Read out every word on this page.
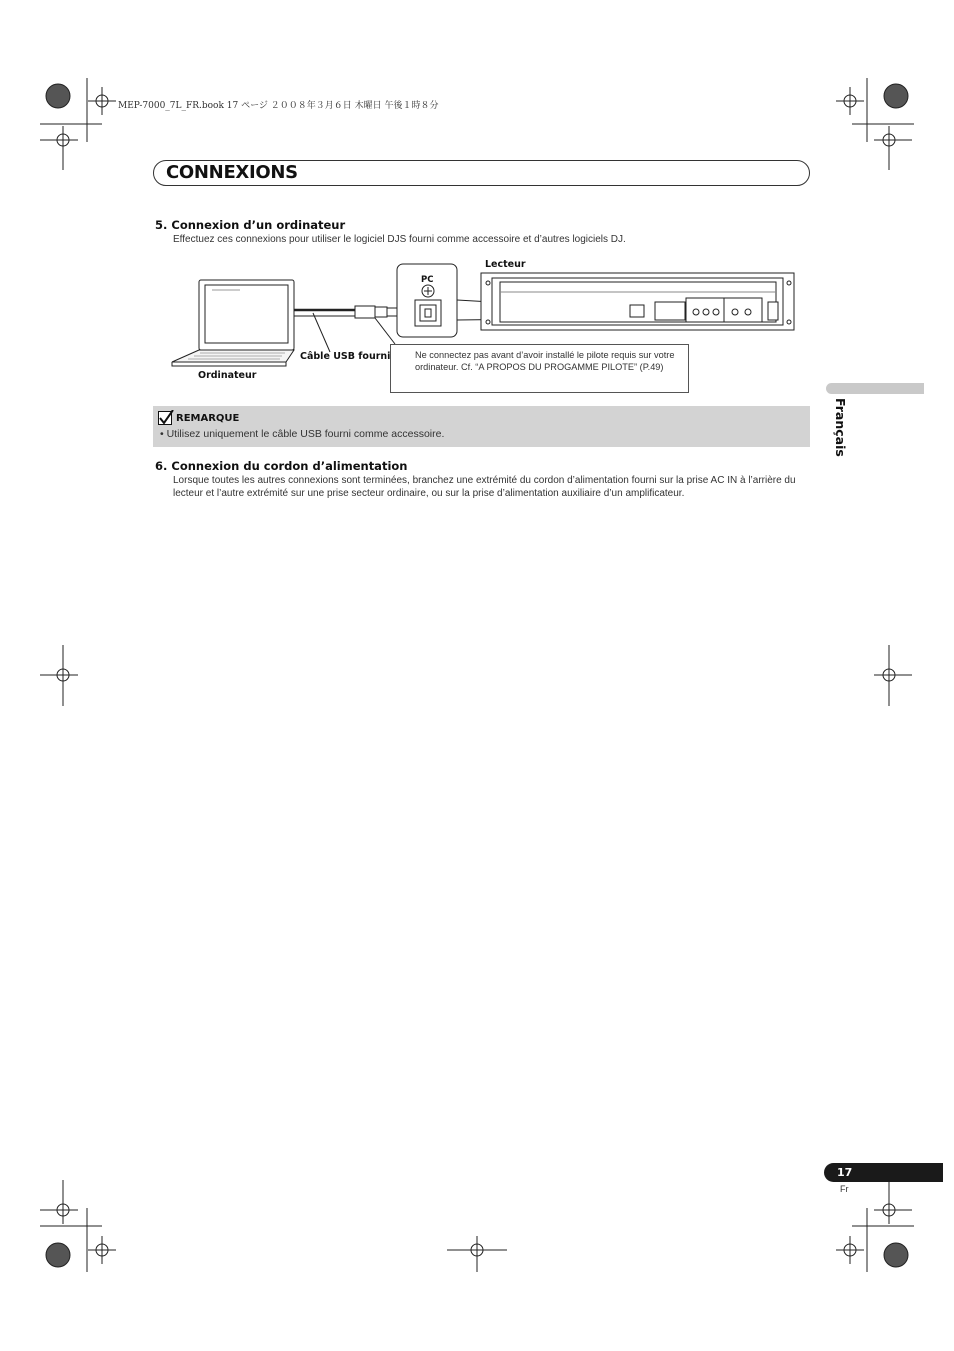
MEP-7000_7L_FR.book 17 ページ ２００８年３月６日 木曜日 午後１時８分
CONNEXIONS
5. Connexion d’un ordinateur
Effectuez ces connexions pour utiliser le logiciel DJS fourni comme accessoire et d’autres logiciels DJ.
Lecteur
PC
Câble USB fourni
Ordinateur
Ne connectez pas avant d’avoir installé le pilote requis sur votre ordinateur. Cf. “A PROPOS DU PROGAMME PILOTE” (P.49)
REMARQUE
• Utilisez uniquement le câble USB fourni comme accessoire.
6. Connexion du cordon d’alimentation
Lorsque toutes les autres connexions sont terminées, branchez une extrémité du cordon d’alimentation fourni sur la prise AC IN à l’arrière du lecteur et l’autre extrémité sur une prise secteur ordinaire, ou sur la prise d’alimentation auxiliaire d’un amplificateur.
Français
17
Fr
